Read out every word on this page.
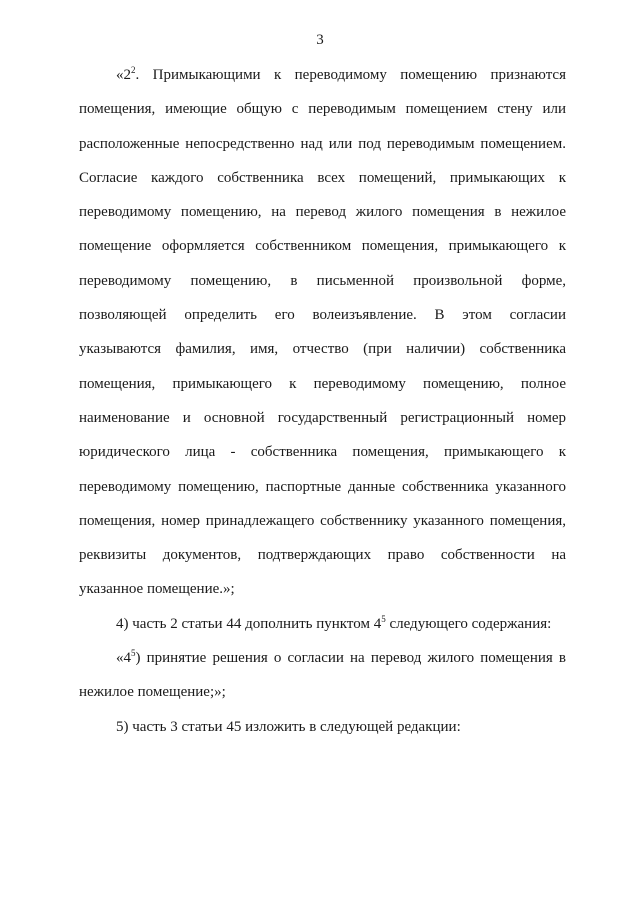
3
«$2^2$. Примыкающими к переводимому помещению признаются
помещения, имеющие общую с переводимым помещением стену или
расположенные непосредственно над или под переводимым помещением.
Согласие каждого собственника всех помещений, примыкающих к
переводимому помещению, на перевод жилого помещения в нежилое
помещение оформляется собственником помещения, примыкающего к
переводимому помещению, в письменной произвольной форме,
позволяющей определить его волеизъявление. В этом согласии
указываются фамилия, имя, отчество (при наличии) собственника
помещения, примыкающего к переводимому помещению, полное
наименование и основной государственный регистрационный номер
юридического лица - собственника помещения, примыкающего к
переводимому помещению, паспортные данные собственника указанного
помещения, номер принадлежащего собственнику указанного помещения,
реквизиты документов, подтверждающих право собственности на
указанное помещение.»;
4) часть 2 статьи 44 дополнить пунктом $4^5$ следующего содержания:
«$4^5$) принятие решения о согласии на перевод жилого помещения в
нежилое помещение;»;
5) часть 3 статьи 45 изложить в следующей редакции:
